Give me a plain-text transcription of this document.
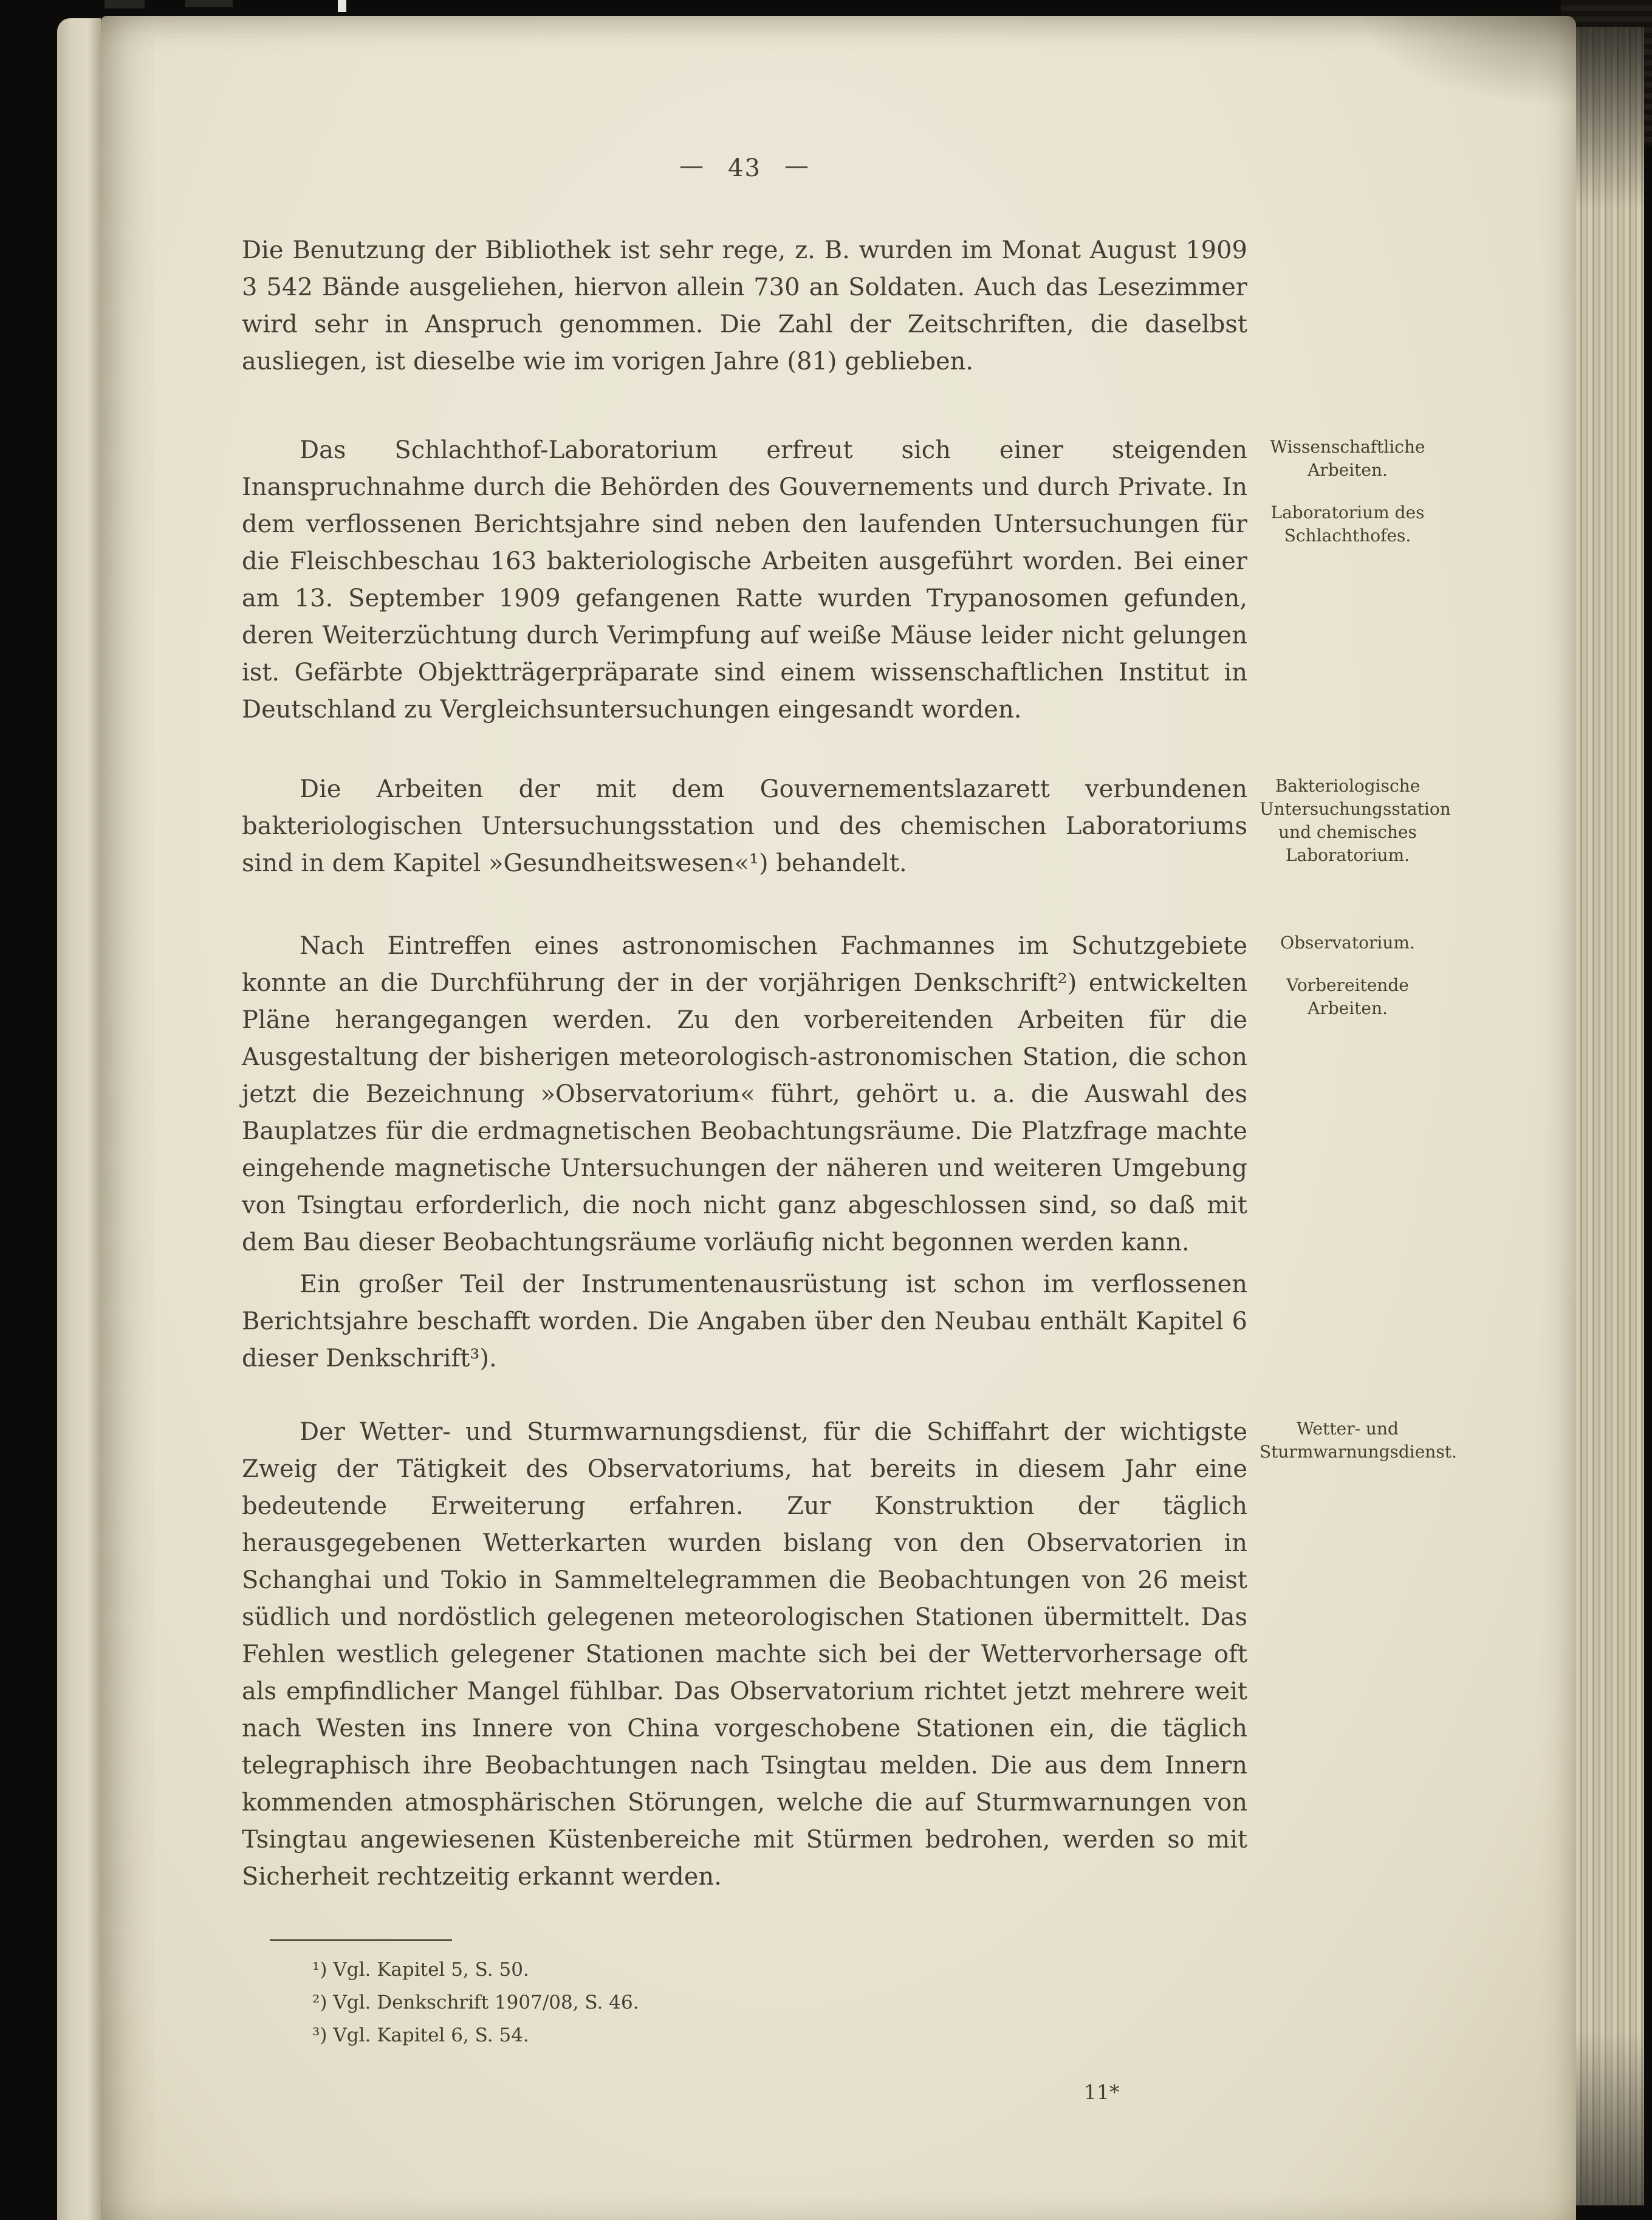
— 43 —

Die Benutzung der Bibliothek ist sehr rege, z. B. wurden im Monat August 1909 3 542 Bände ausgeliehen, hiervon allein 730 an Soldaten. Auch das Lesezimmer wird sehr in Anspruch genommen. Die Zahl der Zeitschriften, die daselbst ausliegen, ist dieselbe wie im vorigen Jahre (81) geblieben.

Das Schlachthof-Laboratorium erfreut sich einer steigenden Inanspruchnahme durch die Behörden des Gouvernements und durch Private. In dem verflossenen Berichtsjahre sind neben den laufenden Untersuchungen für die Fleischbeschau 163 bakteriologische Arbeiten ausgeführt worden. Bei einer am 13. September 1909 gefangenen Ratte wurden Trypanosomen gefunden, deren Weiterzüchtung durch Verimpfung auf weiße Mäuse leider nicht gelungen ist. Gefärbte Objektträgerpräparate sind einem wissenschaftlichen Institut in Deutschland zu Vergleichsuntersuchungen eingesandt worden.

Wissenschaftliche Arbeiten.
Laboratorium des Schlachthofes.

Die Arbeiten der mit dem Gouvernementslazarett verbundenen bakteriologischen Untersuchungsstation und des chemischen Laboratoriums sind in dem Kapitel »Gesundheitswesen«¹) behandelt.

Bakteriologische Untersuchungsstation und chemisches Laboratorium.

Nach Eintreffen eines astronomischen Fachmannes im Schutzgebiete konnte an die Durchführung der in der vorjährigen Denkschrift²) entwickelten Pläne herangegangen werden. Zu den vorbereitenden Arbeiten für die Ausgestaltung der bisherigen meteorologisch-astronomischen Station, die schon jetzt die Bezeichnung »Observatorium« führt, gehört u. a. die Auswahl des Bauplatzes für die erdmagnetischen Beobachtungsräume. Die Platzfrage machte eingehende magnetische Untersuchungen der näheren und weiteren Umgebung von Tsingtau erforderlich, die noch nicht ganz abgeschlossen sind, so daß mit dem Bau dieser Beobachtungsräume vorläufig nicht begonnen werden kann.

Observatorium.
Vorbereitende Arbeiten.

Ein großer Teil der Instrumentenausrüstung ist schon im verflossenen Berichtsjahre beschafft worden. Die Angaben über den Neubau enthält Kapitel 6 dieser Denkschrift³).

Der Wetter- und Sturmwarnungsdienst, für die Schiffahrt der wichtigste Zweig der Tätigkeit des Observatoriums, hat bereits in diesem Jahr eine bedeutende Erweiterung erfahren. Zur Konstruktion der täglich herausgegebenen Wetterkarten wurden bislang von den Observatorien in Schanghai und Tokio in Sammeltelegrammen die Beobachtungen von 26 meist südlich und nordöstlich gelegenen meteorologischen Stationen übermittelt. Das Fehlen westlich gelegener Stationen machte sich bei der Wettervorhersage oft als empfindlicher Mangel fühlbar. Das Observatorium richtet jetzt mehrere weit nach Westen ins Innere von China vorgeschobene Stationen ein, die täglich telegraphisch ihre Beobachtungen nach Tsingtau melden. Die aus dem Innern kommenden atmosphärischen Störungen, welche die auf Sturmwarnungen von Tsingtau angewiesenen Küstenbereiche mit Stürmen bedrohen, werden so mit Sicherheit rechtzeitig erkannt werden.

Wetter- und Sturmwarnungsdienst.
¹) Vgl. Kapitel 5, S. 50.
²) Vgl. Denkschrift 1907/08, S. 46.
³) Vgl. Kapitel 6, S. 54.
11*
